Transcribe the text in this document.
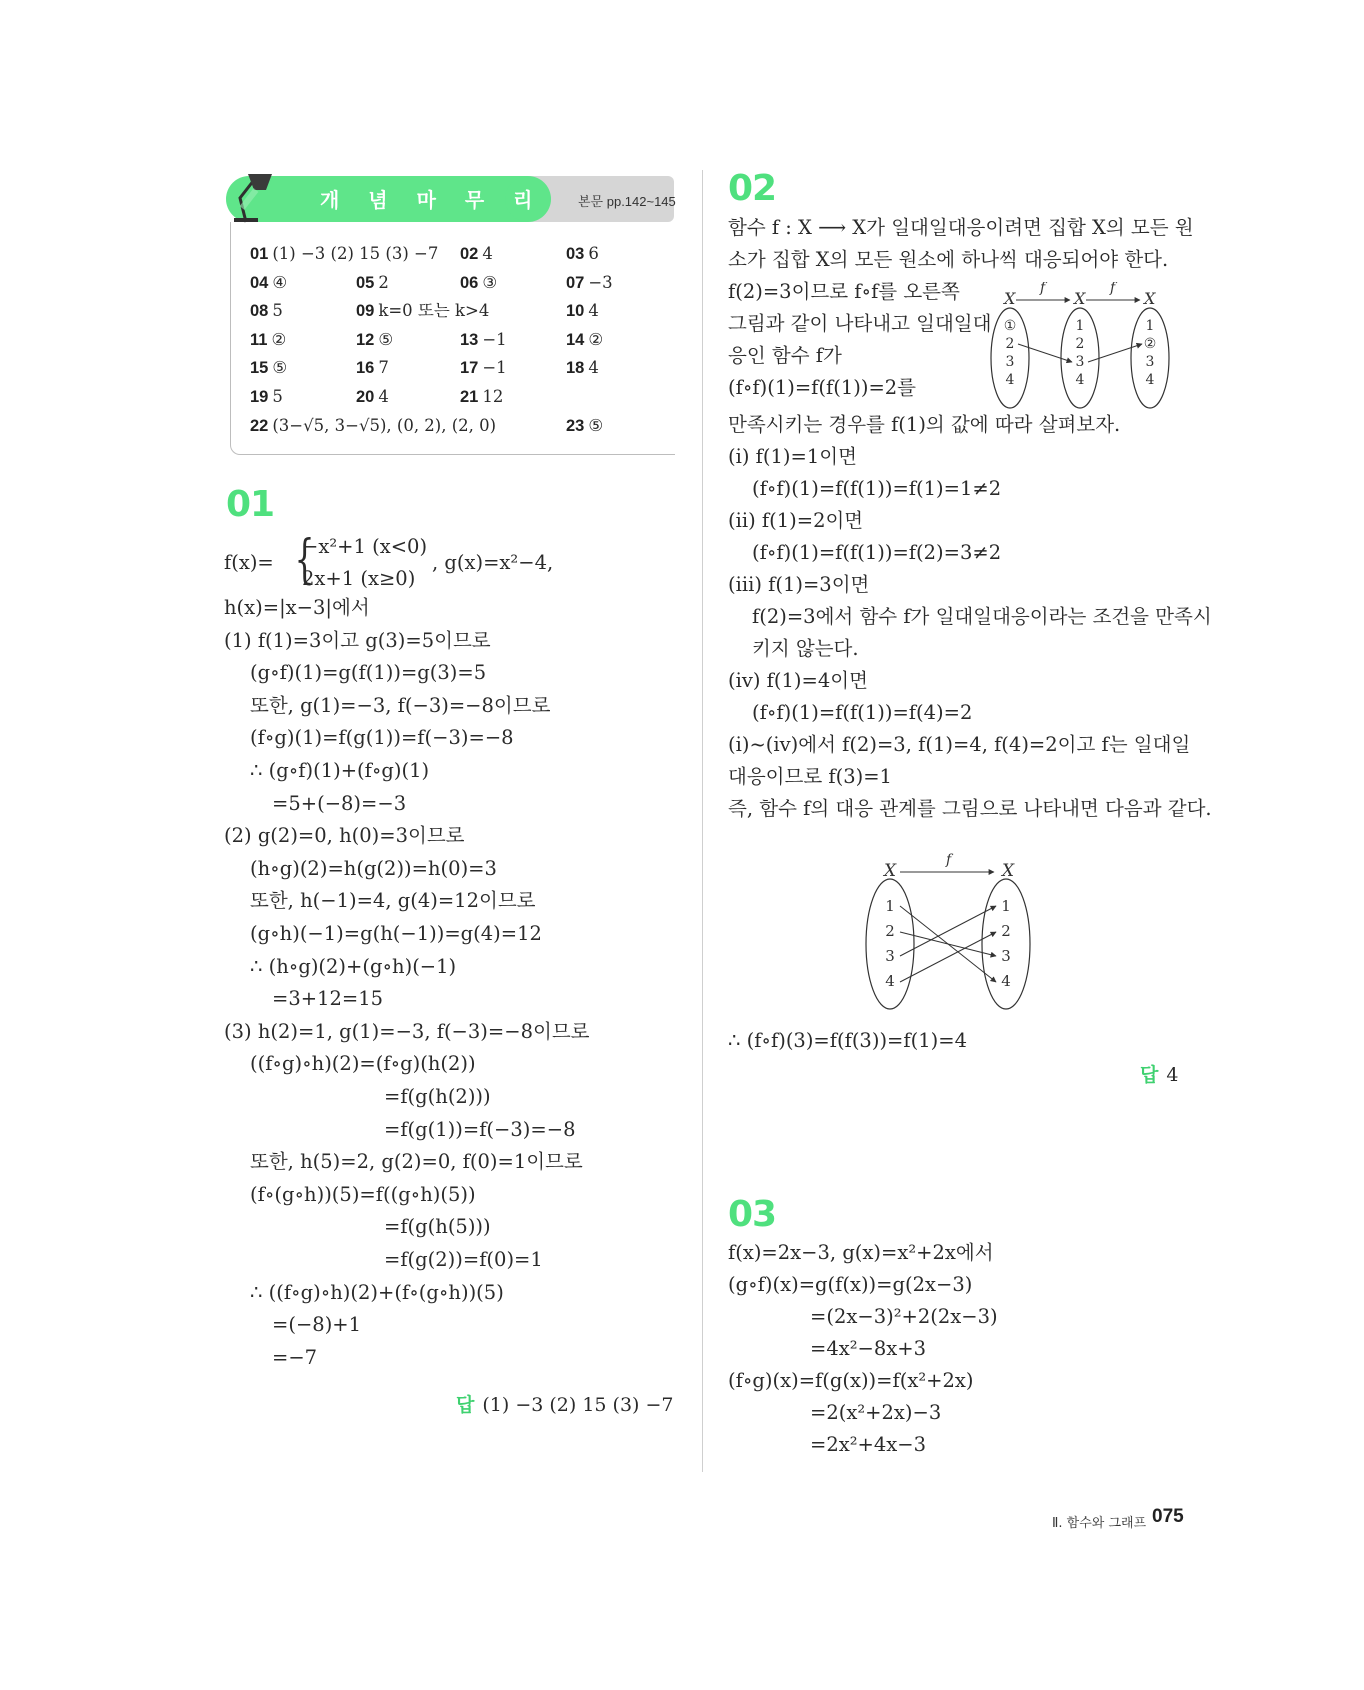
개 념 마 무 리	본문 pp.142~145
01 (1) −3 (2) 15 (3) −7 02 4	03 6
04 ④	05 2	06 ③	07 −3
08 5	09 k=0 또는 k>4	10 4
11 ②	12 ⑤	13 −1	14 ②
15 ⑤	16 7	17 −1	18 4
19 5	20 4	21 12
22 (3−√5, 3−√5), (0, 2), (2, 0)	23 ⑤
01
f(x)= {
−x²+1 (x<0)
2x+1 (x≥0)
, g(x)=x²−4,
h(x)=|x−3|에서
(1) f(1)=3이고 g(3)=5이므로
(g∘f)(1)=g(f(1))=g(3)=5
또한, g(1)=−3, f(−3)=−8이므로
(f∘g)(1)=f(g(1))=f(−3)=−8
∴ (g∘f)(1)+(f∘g)(1)
=5+(−8)=−3
(2) g(2)=0, h(0)=3이므로
(h∘g)(2)=h(g(2))=h(0)=3
또한, h(−1)=4, g(4)=12이므로
(g∘h)(−1)=g(h(−1))=g(4)=12
∴ (h∘g)(2)+(g∘h)(−1)
=3+12=15
(3) h(2)=1, g(1)=−3, f(−3)=−8이므로
((f∘g)∘h)(2)=(f∘g)(h(2))
=f(g(h(2)))
=f(g(1))=f(−3)=−8
또한, h(5)=2, g(2)=0, f(0)=1이므로
(f∘(g∘h))(5)=f((g∘h)(5))
=f(g(h(5)))
=f(g(2))=f(0)=1
∴ ((f∘g)∘h)(2)+(f∘(g∘h))(5)
=(−8)+1
=−7
답 (1) −3 (2) 15 (3) −7
02
함수 f : X ⟶ X가 일대일대응이려면 집합 X의 모든 원
소가 집합 X의 모든 원소에 하나씩 대응되어야 한다.
f(2)=3이므로 f∘f를 오른쪽
그림과 같이 나타내고 일대일대
응인 함수 f가
(f∘f)(1)=f(f(1))=2를
만족시키는 경우를 f(1)의 값에 따라 살펴보자.
(i) f(1)=1이면
(f∘f)(1)=f(f(1))=f(1)=1≠2
(ii) f(1)=2이면
(f∘f)(1)=f(f(1))=f(2)=3≠2
(iii) f(1)=3이면
f(2)=3에서 함수 f가 일대일대응이라는 조건을 만족시
키지 않는다.
(iv) f(1)=4이면
(f∘f)(1)=f(f(1))=f(4)=2
(i)~(iv)에서 f(2)=3, f(1)=4, f(4)=2이고 f는 일대일
대응이므로 f(3)=1
즉, 함수 f의 대응 관계를 그림으로 나타내면 다음과 같다.
∴ (f∘f)(3)=f(f(3))=f(1)=4
X	X	X
f	f
①
2
3
4
1
2
3
4
1
②
3
4
X	X
f
1
2
3
4
1
2
3
4
답 4
03
f(x)=2x−3, g(x)=x²+2x에서
(g∘f)(x)=g(f(x))=g(2x−3)
=(2x−3)²+2(2x−3)
=4x²−8x+3
(f∘g)(x)=f(g(x))=f(x²+2x)
=2(x²+2x)−3
=2x²+4x−3
Ⅱ. 함수와 그래프 075
